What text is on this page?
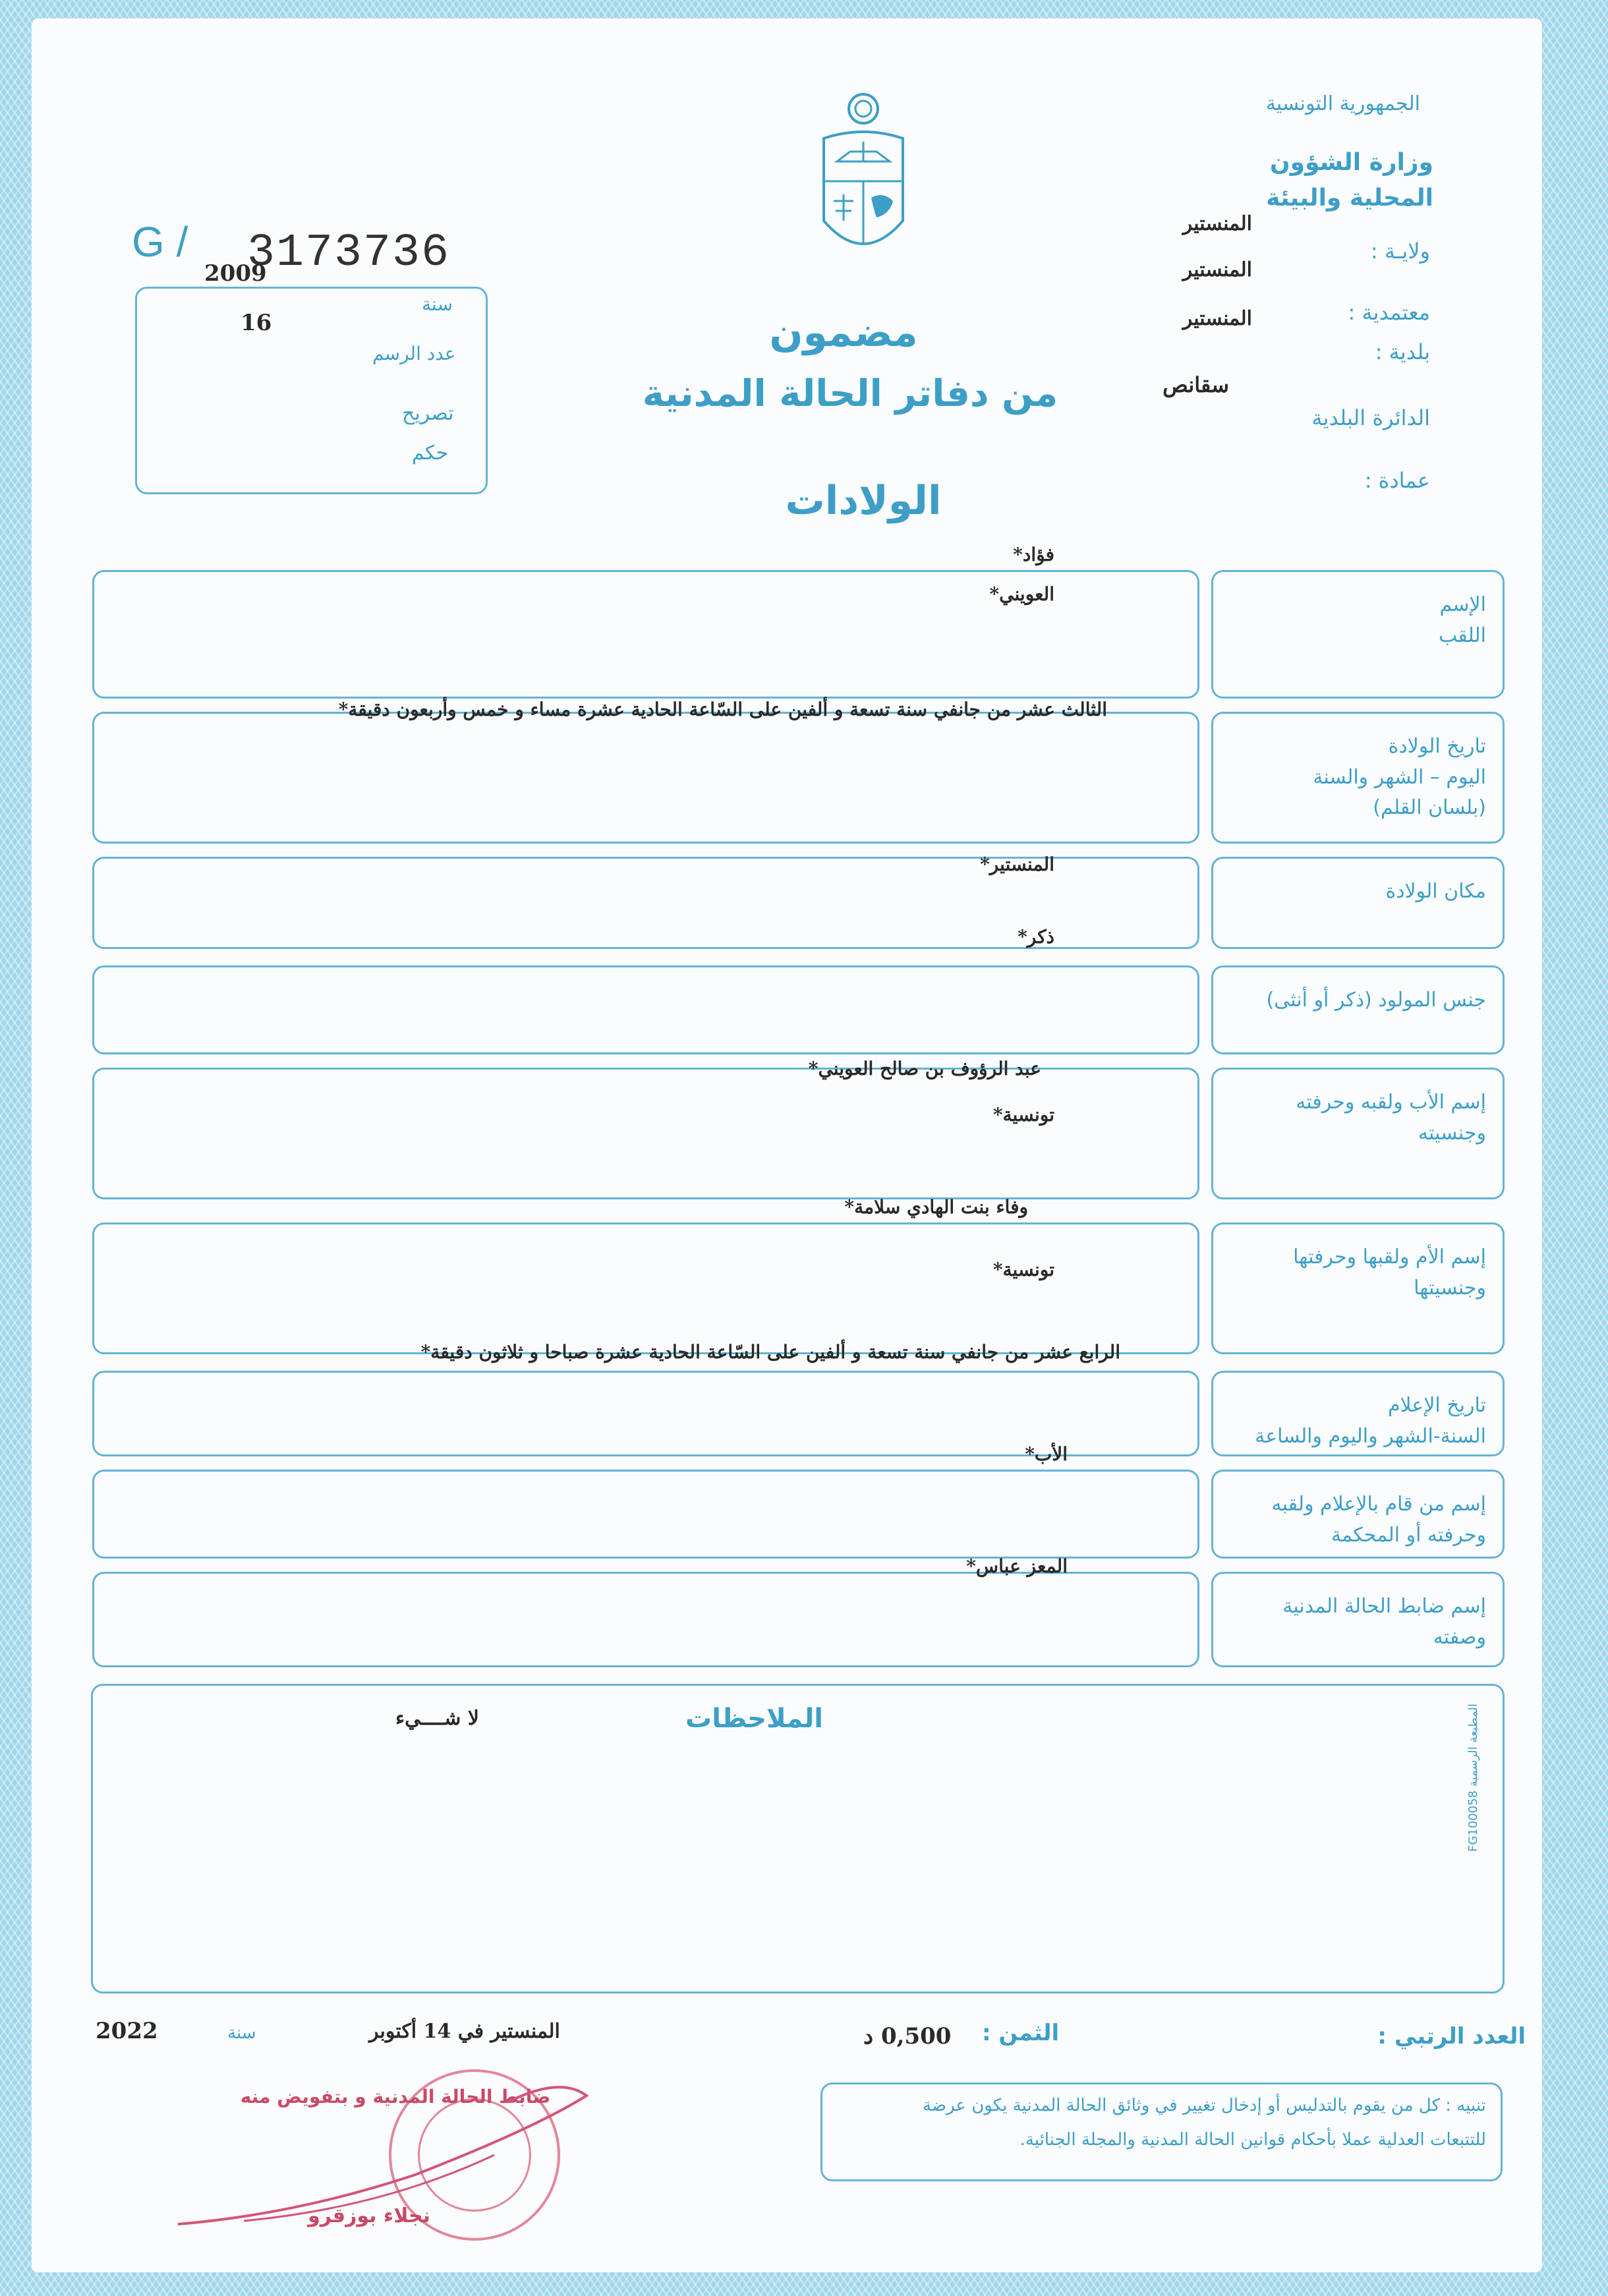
الجمهورية التونسية
وزارة الشؤون المحلية والبيئة
ولايـة :
المنستير
معتمدية :
المنستير
بلدية :
المنستير
الدائرة البلدية
سقانص
عمادة :
G / 3173736
2009
سنة
16
عدد الرسم
تصريح
حكم
مضمون
من دفاتر الحالة المدنية
الولادات
الإسم
اللقب
فؤاد*
العويني*
تاريخ الولادة
اليوم – الشهر والسنة
(بلسان القلم)
الثالث عشر من جانفي سنة تسعة و ألفين على السّاعة الحادية عشرة مساء و خمس وأربعون دقيقة*
مكان الولادة
المنستير*
ذكر*
جنس المولود (ذكر أو أنثى)
إسم الأب ولقبه وحرفته
وجنسيته
عبد الرؤوف بن صالح العويني*
تونسية*
إسم الأم ولقبها وحرفتها
وجنسيتها
وفاء بنت الهادي سلامة*
تونسية*
تاريخ الإعلام
السنة-الشهر واليوم والساعة
الرابع عشر من جانفي سنة تسعة و ألفين على السّاعة الحادية عشرة صباحا و ثلاثون دقيقة*
إسم من قام بالإعلام ولقبه
وحرفته أو المحكمة
الأب*
إسم ضابط الحالة المدنية
وصفته
المعز عباس*
الملاحظات
لا شــــيء
المطبعة الرسمية FG100058
العدد الرتبي :
الثمن :
0,500 د
المنستير في 14 أكتوبر
سنة
2022
تنبيه : كل من يقوم بالتدليس أو إدخال تغيير في وثائق الحالة المدنية يكون عرضة
للتتبعات العدلية عملا بأحكام قوانين الحالة المدنية والمجلة الجنائية.
ضابط الحالة المدنية و بتفويض منه
نجلاء بوزقرو
